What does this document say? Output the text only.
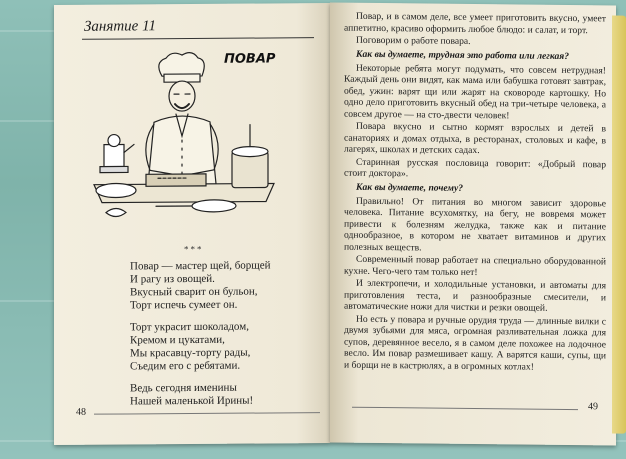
Занятие 11
ПОВАР
***
Повар — мастер щей, борщей
И рагу из овощей.
Вкусный сварит он бульон,
Торт испечь сумеет он.
Торт украсит шоколадом,
Кремом и цукатами,
Мы красавцу-торту рады,
Съедим его с ребятами.
Ведь сегодня именины
Нашей маленькой Ирины!
48
Повар, и в самом деле, все умеет приготовить вкусно, умеет аппетитно, красиво оформить любое блюдо: и салат, и торт.
Поговорим о работе повара.
Как вы думаете, трудная это работа или легкая?
Некоторые ребята могут подумать, что совсем нетрудная! Каждый день они видят, как мама или бабушка готовят завтрак, обед, ужин: варят щи или жарят на сковороде картошку. Но одно дело приготовить вкусный обед на три-четыре человека, а совсем другое — на сто-двести человек!
Повара вкусно и сытно кормят взрослых и детей в санаториях и домах отдыха, в ресторанах, столовых и кафе, в лагерях, школах и детских садах.
Старинная русская пословица говорит: «Добрый повар стоит доктора».
Как вы думаете, почему?
Правильно! От питания во многом зависит здоровье человека. Питание всухомятку, на бегу, не вовремя может привести к болезням желудка, также как и питание однообразное, в котором не хватает витаминов и других полезных веществ.
Современный повар работает на специально оборудованной кухне. Чего-чего там только нет!
И электропечи, и холодильные установки, и автоматы для приготовления теста, и разнообразные смесители, и автоматические ножи для чистки и резки овощей.
Но есть у повара и ручные орудия труда — длинные вилки с двумя зубьями для мяса, огромная разливательная ложка для супов, деревянное весело, я в самом деле похожее на лодочное весло. Им повар размешивает кашу. А варятся каши, супы, щи и борщи не в кастрюлях, а в огромных котлах!
49
